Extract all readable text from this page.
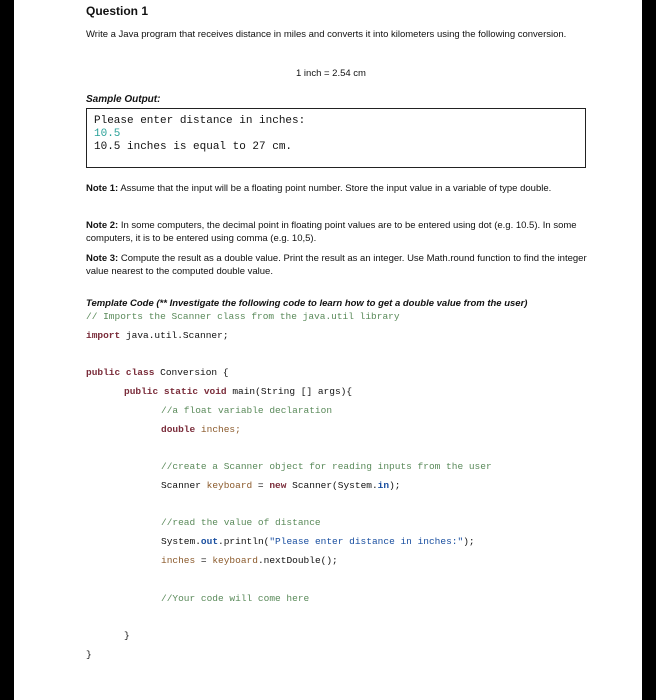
Question 1
Write a Java program that receives distance in miles and converts it into kilometers using the following conversion.
1 inch = 2.54 cm
Sample Output:
Please enter distance in inches:
10.5
10.5 inches is equal to 27 cm.
Note 1: Assume that the input will be a floating point number. Store the input value in a variable of type double.
Note 2: In some computers, the decimal point in floating point values are to be entered using dot (e.g. 10.5). In some computers, it is to be entered using comma (e.g. 10,5).
Note 3: Compute the result as a double value. Print the result as an integer. Use Math.round function to find the integer value nearest to the computed double value.
Template Code (** Investigate the following code to learn how to get a double value from the user)
// Imports the Scanner class from the java.util library
import java.util.Scanner;
public class Conversion {
public static void main(String [] args){
//a float variable declaration
double inches;
//create a Scanner object for reading inputs from the user
Scanner keyboard = new Scanner(System.in);
//read the value of distance
System.out.println("Please enter distance in inches:");
inches = keyboard.nextDouble();
//Your code will come here
}
}
